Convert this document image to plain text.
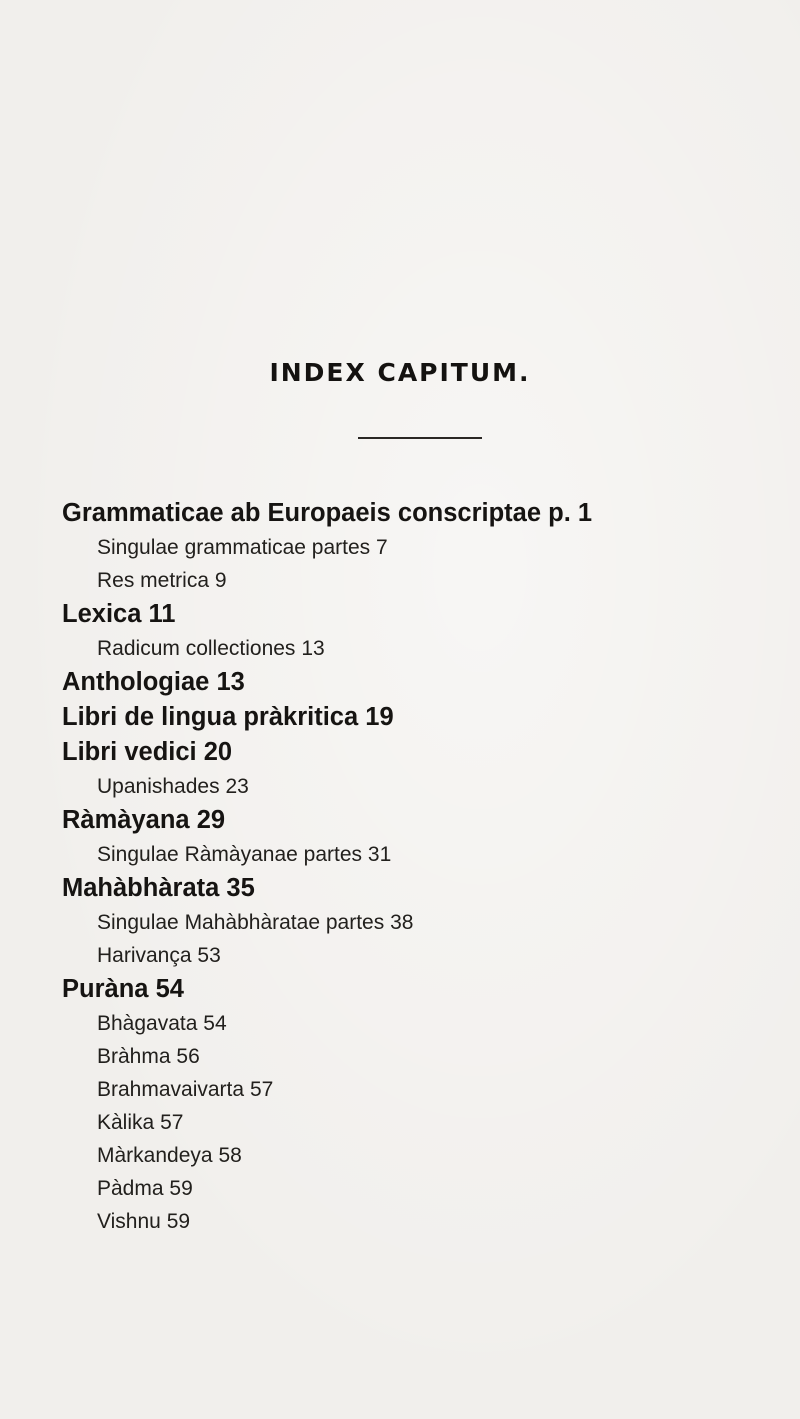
INDEX CAPITUM.
Grammaticae ab Europaeis conscriptae p. 1
Singulae grammaticae partes 7
Res metrica 9
Lexica 11
Radicum collectiones 13
Anthologiae 13
Libri de lingua pràkritica 19
Libri vedici 20
Upanishades 23
Ràmàyana 29
Singulae Ràmàyanae partes 31
Mahàbhàrata 35
Singulae Mahàbhàratae partes 38
Harivança 53
Puràna 54
Bhàgavata 54
Bràhma 56
Brahmavaivarta 57
Kàlika 57
Màrkandeya 58
Pàdma 59
Vishnu 59
